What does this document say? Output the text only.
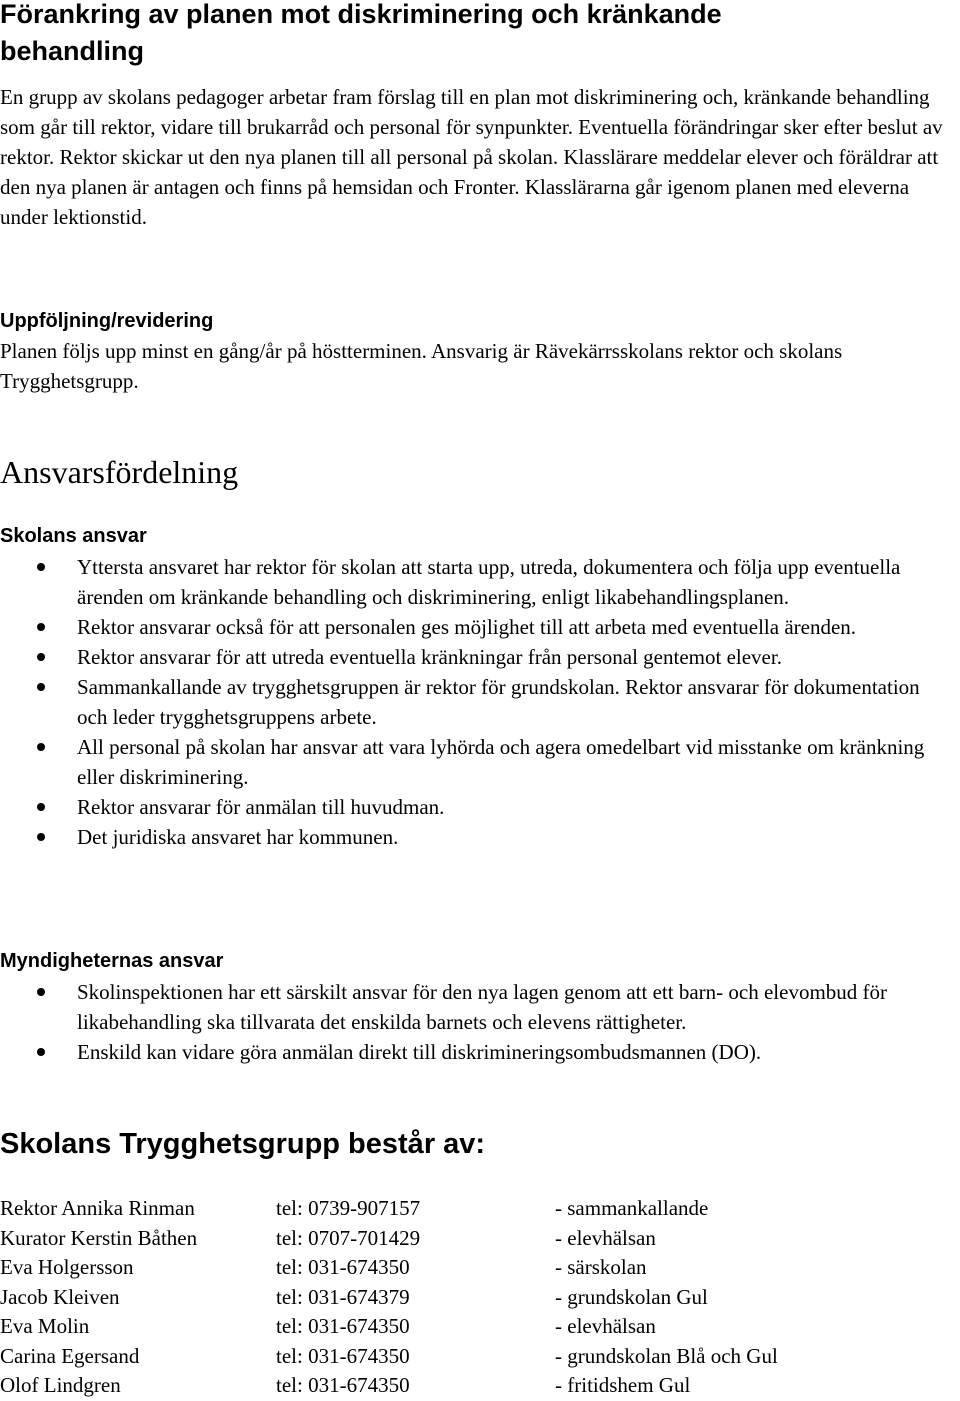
Förankring av planen mot diskriminering och kränkande
behandling
En grupp av skolans pedagoger arbetar fram förslag till en plan mot diskriminering och, kränkande behandling som går till rektor, vidare till brukarråd och personal för synpunkter. Eventuella förändringar sker efter beslut av rektor. Rektor skickar ut den nya planen till all personal på skolan. Klasslärare meddelar elever och föräldrar att den nya planen är antagen och finns på hemsidan och Fronter. Klasslärarna går igenom planen med eleverna under lektionstid.
Uppföljning/revidering
Planen följs upp minst en gång/år på höstterminen. Ansvarig är Rävekärrsskolans rektor och skolans Trygghetsgrupp.
Ansvarsfördelning
Skolans ansvar
Yttersta ansvaret har rektor för skolan att starta upp, utreda, dokumentera och följa upp eventuella ärenden om kränkande behandling och diskriminering, enligt likabehandlingsplanen.
Rektor ansvarar också för att personalen ges möjlighet till att arbeta med eventuella ärenden.
Rektor ansvarar för att utreda eventuella kränkningar från personal gentemot elever.
Sammankallande av trygghetsgruppen är rektor för grundskolan. Rektor ansvarar för dokumentation och leder trygghetsgruppens arbete.
All personal på skolan har ansvar att vara lyhörda och agera omedelbart vid misstanke om kränkning eller diskriminering.
Rektor ansvarar för anmälan till huvudman.
Det juridiska ansvaret har kommunen.
Myndigheternas ansvar
Skolinspektionen har ett särskilt ansvar för den nya lagen genom att ett barn- och elevombud för likabehandling ska tillvarata det enskilda barnets och elevens rättigheter.
Enskild kan vidare göra anmälan direkt till diskrimineringsombudsmannen (DO).
Skolans Trygghetsgrupp består av:
Rektor Annika Rinman	tel: 0739-907157	- sammankallande
Kurator Kerstin Båthen	tel: 0707-701429	- elevhälsan
Eva Holgersson	tel: 031-674350	- särskolan
Jacob Kleiven	tel: 031-674379	- grundskolan Gul
Eva Molin	tel: 031-674350	- elevhälsan
Carina Egersand	tel: 031-674350	- grundskolan Blå och Gul
Olof Lindgren	tel: 031-674350	- fritidshem Gul
